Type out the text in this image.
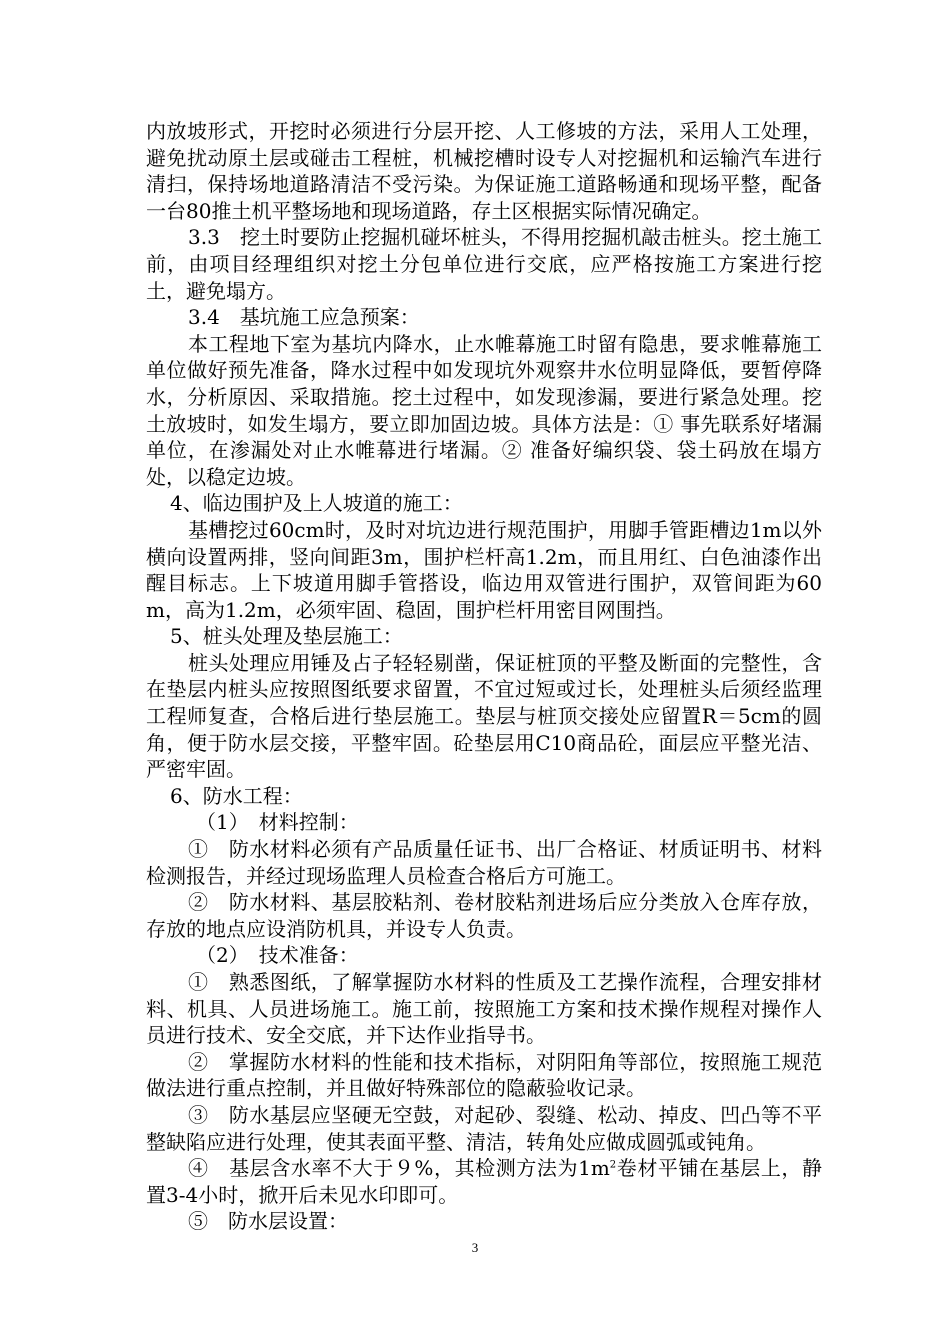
内放坡形式，开挖时必须进行分层开挖、人工修坡的方法，采用人工处理，避免扰动原土层或碰击工程桩，机械挖槽时设专人对挖掘机和运输汽车进行清扫，保持场地道路清洁不受污染。为保证施工道路畅通和现场平整，配备一台80推土机平整场地和现场道路，存土区根据实际情况确定。

3.3　挖土时要防止挖掘机碰坏桩头，不得用挖掘机敲击桩头。挖土施工前，由项目经理组织对挖土分包单位进行交底，应严格按施工方案进行挖土，避免塌方。

3.4　基坑施工应急预案：

本工程地下室为基坑内降水，止水帷幕施工时留有隐患，要求帷幕施工单位做好预先准备，降水过程中如发现坑外观察井水位明显降低，要暂停降水，分析原因、采取措施。挖土过程中，如发现渗漏，要进行紧急处理。挖土放坡时，如发生塌方，要立即加固边坡。具体方法是：① 事先联系好堵漏单位，在渗漏处对止水帷幕进行堵漏。② 准备好编织袋、袋土码放在塌方处，以稳定边坡。

4、临边围护及上人坡道的施工：

基槽挖过60cm时，及时对坑边进行规范围护，用脚手管距槽边1m以外横向设置两排，竖向间距3m，围护栏杆高1.2m，而且用红、白色油漆作出醒目标志。上下坡道用脚手管搭设，临边用双管进行围护，双管间距为60m，高为1.2m，必须牢固、稳固，围护栏杆用密目网围挡。

5、桩头处理及垫层施工：

桩头处理应用锤及占子轻轻剔凿，保证桩顶的平整及断面的完整性，含在垫层内桩头应按照图纸要求留置，不宜过短或过长，处理桩头后须经监理工程师复查，合格后进行垫层施工。垫层与桩顶交接处应留置R＝5cm的圆角，便于防水层交接，平整牢固。砼垫层用C10商品砼，面层应平整光洁、严密牢固。

6、防水工程：

（1）　材料控制：

①　防水材料必须有产品质量任证书、出厂合格证、材质证明书、材料检测报告，并经过现场监理人员检查合格后方可施工。

②　防水材料、基层胶粘剂、卷材胶粘剂进场后应分类放入仓库存放，存放的地点应设消防机具，并设专人负责。

（2）　技术准备：

①　熟悉图纸，了解掌握防水材料的性质及工艺操作流程，合理安排材料、机具、人员进场施工。施工前，按照施工方案和技术操作规程对操作人员进行技术、安全交底，并下达作业指导书。

②　掌握防水材料的性能和技术指标，对阴阳角等部位，按照施工规范做法进行重点控制，并且做好特殊部位的隐蔽验收记录。

③　防水基层应坚硬无空鼓，对起砂、裂缝、松动、掉皮、凹凸等不平整缺陷应进行处理，使其表面平整、清洁，转角处应做成圆弧或钝角。

④　基层含水率不大于９%，其检测方法为$1m^2$卷材平铺在基层上，静置3-4小时，掀开后未见水印即可。

⑤　防水层设置：

3
